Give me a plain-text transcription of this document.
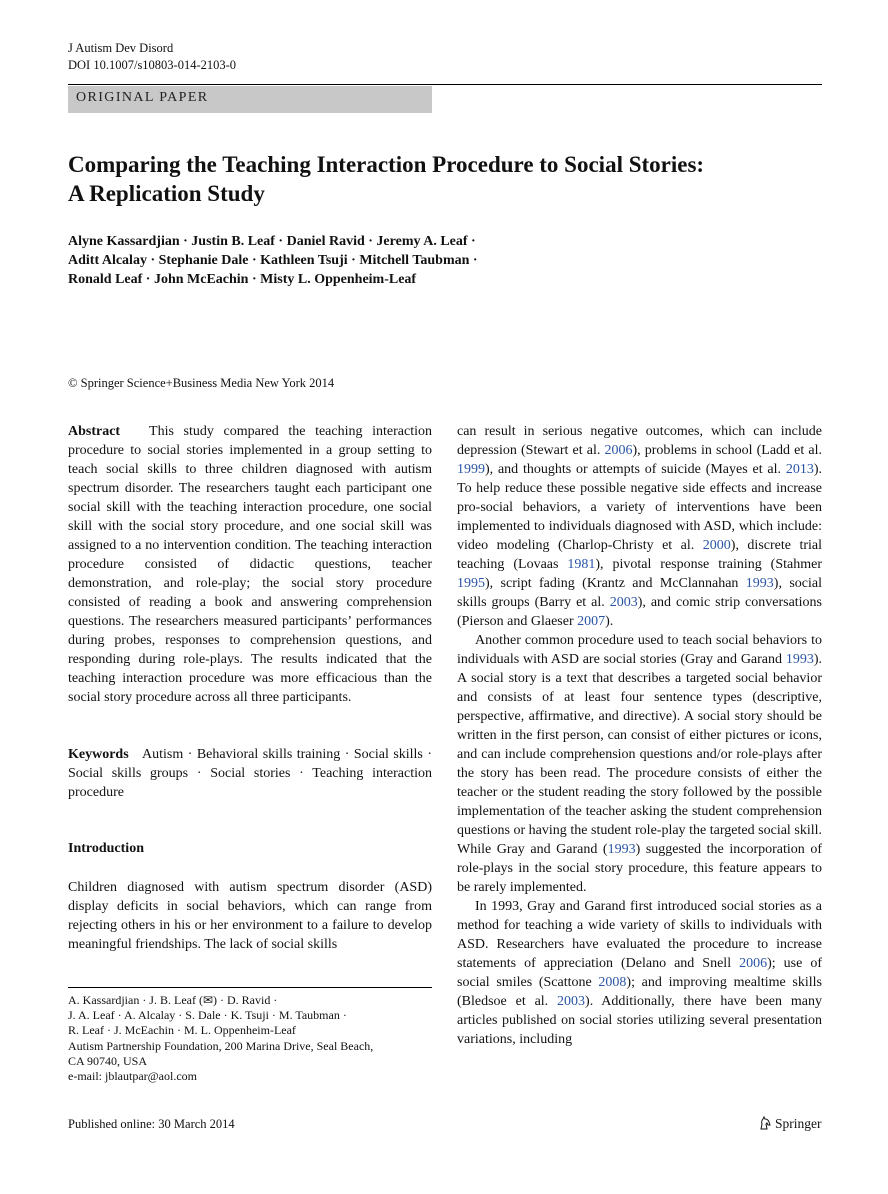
J Autism Dev Disord
DOI 10.1007/s10803-014-2103-0
ORIGINAL PAPER
Comparing the Teaching Interaction Procedure to Social Stories:
A Replication Study
Alyne Kassardjian · Justin B. Leaf · Daniel Ravid · Jeremy A. Leaf ·
Aditt Alcalay · Stephanie Dale · Kathleen Tsuji · Mitchell Taubman ·
Ronald Leaf · John McEachin · Misty L. Oppenheim-Leaf
© Springer Science+Business Media New York 2014

Abstract This study compared the teaching interaction procedure to social stories implemented in a group setting to teach social skills to three children diagnosed with autism spectrum disorder. The researchers taught each participant one social skill with the teaching interaction procedure, one social skill with the social story procedure, and one social skill was assigned to a no intervention condition. The teaching interaction procedure consisted of didactic questions, teacher demonstration, and role-play; the social story procedure consisted of reading a book and answering comprehension questions. The researchers measured participants’ performances during probes, responses to comprehension questions, and responding during role-plays. The results indicated that the teaching interaction procedure was more efficacious than the social story procedure across all three participants.

Keywords Autism · Behavioral skills training · Social skills · Social skills groups · Social stories · Teaching interaction procedure

Introduction

Children diagnosed with autism spectrum disorder (ASD) display deficits in social behaviors, which can range from rejecting others in his or her environment to a failure to develop meaningful friendships. The lack of social skills

A. Kassardjian · J. B. Leaf (✉) · D. Ravid ·
J. A. Leaf · A. Alcalay · S. Dale · K. Tsuji · M. Taubman ·
R. Leaf · J. McEachin · M. L. Oppenheim-Leaf
Autism Partnership Foundation, 200 Marina Drive, Seal Beach,
CA 90740, USA
e-mail: jblautpar@aol.com

can result in serious negative outcomes, which can include depression (Stewart et al. 2006), problems in school (Ladd et al. 1999), and thoughts or attempts of suicide (Mayes et al. 2013). To help reduce these possible negative side effects and increase pro-social behaviors, a variety of interventions have been implemented to individuals diagnosed with ASD, which include: video modeling (Charlop-Christy et al. 2000), discrete trial teaching (Lovaas 1981), pivotal response training (Stahmer 1995), script fading (Krantz and McClannahan 1993), social skills groups (Barry et al. 2003), and comic strip conversations (Pierson and Glaeser 2007).

Another common procedure used to teach social behaviors to individuals with ASD are social stories (Gray and Garand 1993). A social story is a text that describes a targeted social behavior and consists of at least four sentence types (descriptive, perspective, affirmative, and directive). A social story should be written in the first person, can consist of either pictures or icons, and can include comprehension questions and/or role-plays after the story has been read. The procedure consists of either the teacher or the student reading the story followed by the possible implementation of the teacher asking the student comprehension questions or having the student role-play the targeted social skill. While Gray and Garand (1993) suggested the incorporation of role-plays in the social story procedure, this feature appears to be rarely implemented.

In 1993, Gray and Garand first introduced social stories as a method for teaching a wide variety of skills to individuals with ASD. Researchers have evaluated the procedure to increase statements of appreciation (Delano and Snell 2006); use of social smiles (Scattone 2008); and improving mealtime skills (Bledsoe et al. 2003). Additionally, there have been many articles published on social stories utilizing several presentation variations, including

Published online: 30 March 2014	Springer
